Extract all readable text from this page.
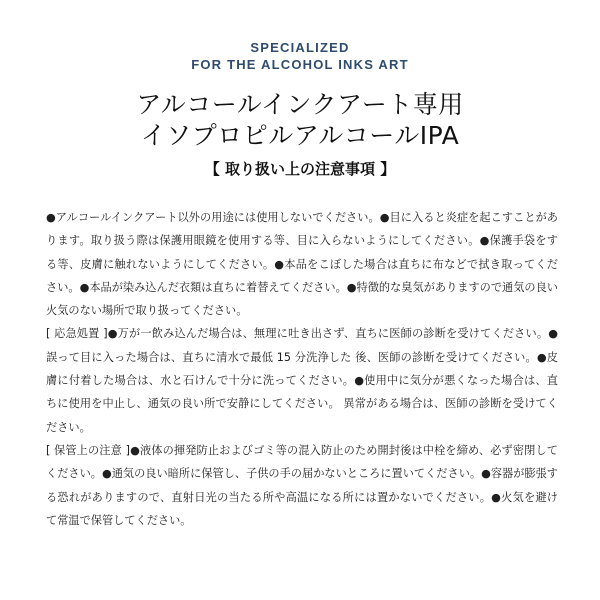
SPECIALIZED
FOR THE ALCOHOL INKS ART
アルコールインクアート専用
イソプロピルアルコールIPA
【 取り扱い上の注意事項 】

●アルコールインクアート以外の用途には使用しないでください。●目に入ると炎症を起こすことがあります。取り扱う際は保護用眼鏡を使用する等、目に入らないようにしてください。●保護手袋をする等、皮膚に触れないようにしてください。●本品をこぼした場合は直ちに布などで拭き取ってください。●本品が染み込んだ衣類は直ちに着替えてください。●特徴的な臭気がありますので通気の良い火気のない場所で取り扱ってください。

[ 応急処置 ]●万が一飲み込んだ場合は、無理に吐き出さず、直ちに医師の診断を受けてください。●誤って目に入った場合は、直ちに清水で最低 15 分洗浄した 後、医師の診断を受けてください。●皮膚に付着した場合は、水と石けんで十分に洗ってください。●使用中に気分が悪くなった場合は、直ちに使用を中止し、通気の良い所で安静にしてください。 異常がある場合は、医師の診断を受けてください。

[ 保管上の注意 ]●液体の揮発防止およびゴミ等の混入防止のため開封後は中栓を締め、必ず密閉してください。●通気の良い暗所に保管し、子供の手の届かないところに置いてください。●容器が膨張する恐れがありますので、直射日光の当たる所や高温になる所には置かないでください。●火気を避けて常温で保管してください。
